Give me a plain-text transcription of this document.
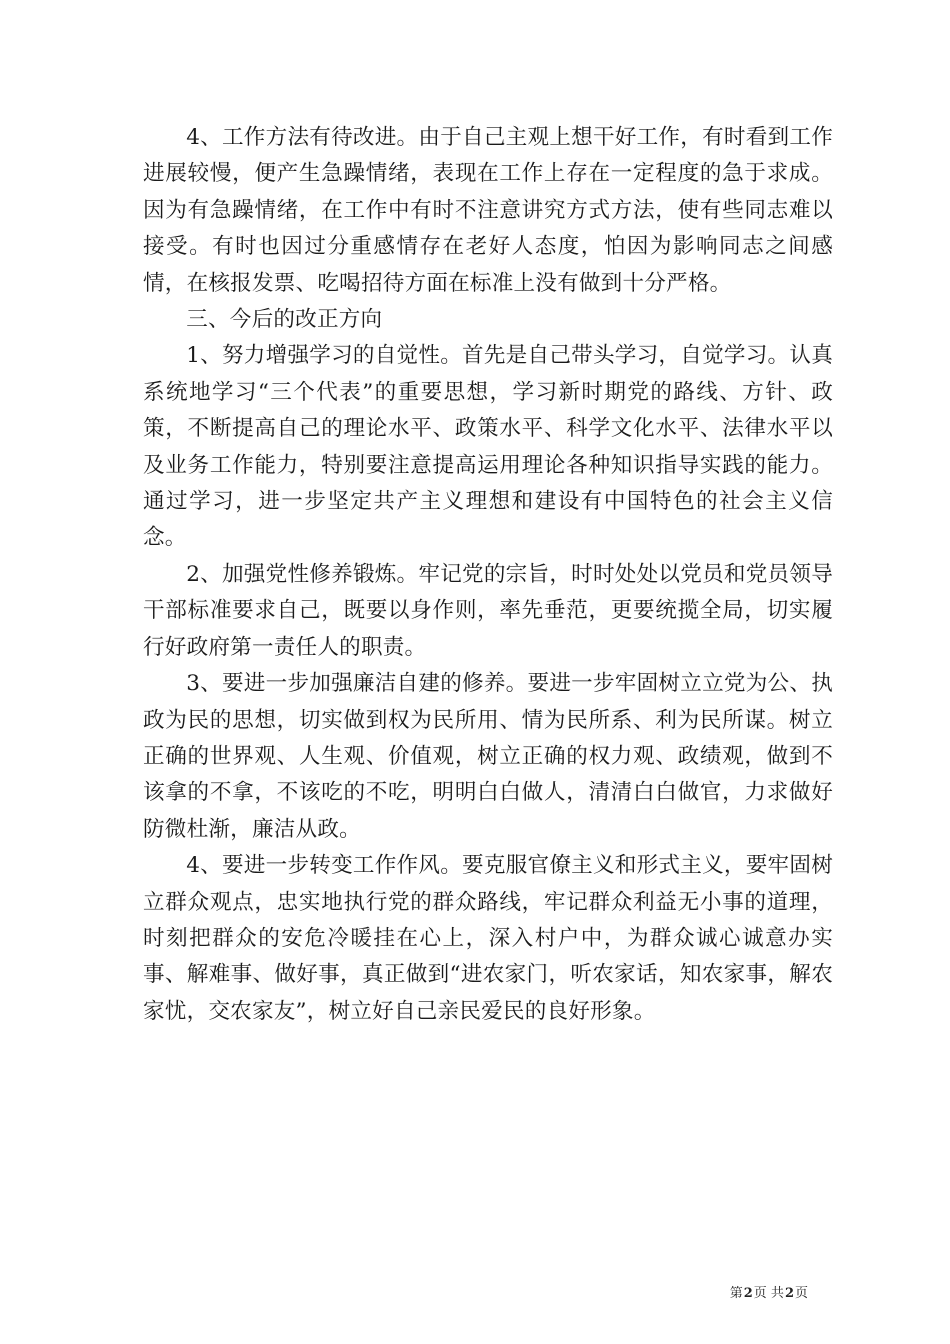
4、工作方法有待改进。由于自己主观上想干好工作，有时看到工作进展较慢，便产生急躁情绪，表现在工作上存在一定程度的急于求成。因为有急躁情绪，在工作中有时不注意讲究方式方法，使有些同志难以接受。有时也因过分重感情存在老好人态度，怕因为影响同志之间感情，在核报发票、吃喝招待方面在标准上没有做到十分严格。

三、今后的改正方向

1、努力增强学习的自觉性。首先是自己带头学习，自觉学习。认真系统地学习“三个代表”的重要思想，学习新时期党的路线、方针、政策，不断提高自己的理论水平、政策水平、科学文化水平、法律水平以及业务工作能力，特别要注意提高运用理论各种知识指导实践的能力。通过学习，进一步坚定共产主义理想和建设有中国特色的社会主义信念。

2、加强党性修养锻炼。牢记党的宗旨，时时处处以党员和党员领导干部标准要求自己，既要以身作则，率先垂范，更要统揽全局，切实履行好政府第一责任人的职责。

3、要进一步加强廉洁自建的修养。要进一步牢固树立立党为公、执政为民的思想，切实做到权为民所用、情为民所系、利为民所谋。树立正确的世界观、人生观、价值观，树立正确的权力观、政绩观，做到不该拿的不拿，不该吃的不吃，明明白白做人，清清白白做官，力求做好防微杜渐，廉洁从政。

4、要进一步转变工作作风。要克服官僚主义和形式主义，要牢固树立群众观点，忠实地执行党的群众路线，牢记群众利益无小事的道理，时刻把群众的安危冷暖挂在心上，深入村户中，为群众诚心诚意办实事、解难事、做好事，真正做到“进农家门，听农家话，知农家事，解农家忧，交农家友”，树立好自己亲民爱民的良好形象。

第2页 共2页
